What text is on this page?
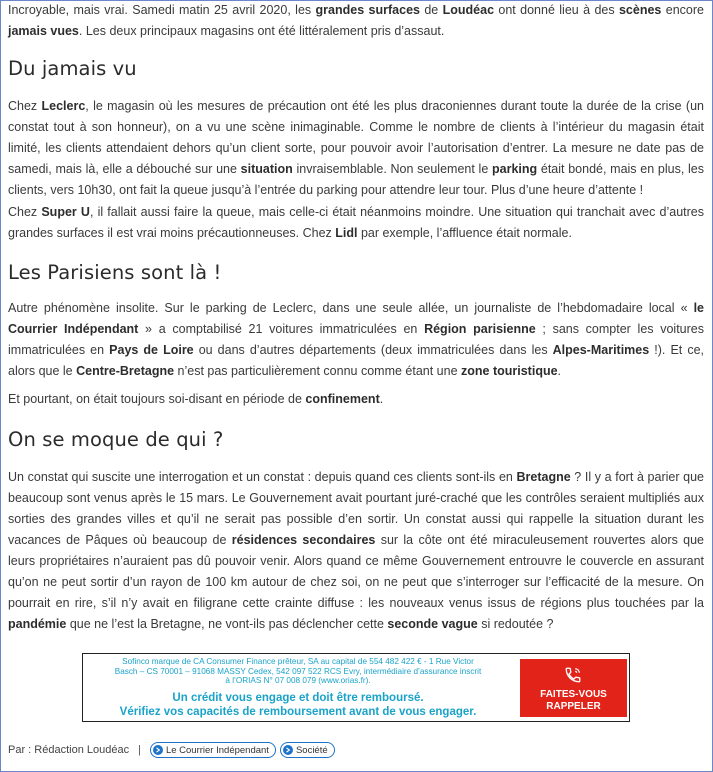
Incroyable, mais vrai. Samedi matin 25 avril 2020, les grandes surfaces de Loudéac ont donné lieu à des scènes encore jamais vues. Les deux principaux magasins ont été littéralement pris d’assaut.

Du jamais vu

Chez Leclerc, le magasin où les mesures de précaution ont été les plus draconiennes durant toute la durée de la crise (un constat tout à son honneur), on a vu une scène inimaginable. Comme le nombre de clients à l’intérieur du magasin était limité, les clients attendaient dehors qu’un client sorte, pour pouvoir avoir l’autorisation d’entrer. La mesure ne date pas de samedi, mais là, elle a débouché sur une situation invraisemblable. Non seulement le parking était bondé, mais en plus, les clients, vers 10h30, ont fait la queue jusqu’à l’entrée du parking pour attendre leur tour. Plus d’une heure d’attente !

Chez Super U, il fallait aussi faire la queue, mais celle-ci était néanmoins moindre. Une situation qui tranchait avec d’autres grandes surfaces il est vrai moins précautionneuses. Chez Lidl par exemple, l’affluence était normale.

Les Parisiens sont là !

Autre phénomène insolite. Sur le parking de Leclerc, dans une seule allée, un journaliste de l’hebdomadaire local « le Courrier Indépendant » a comptabilisé 21 voitures immatriculées en Région parisienne ; sans compter les voitures immatriculées en Pays de Loire ou dans d’autres départements (deux immatriculées dans les Alpes-Maritimes !). Et ce, alors que le Centre-Bretagne n’est pas particulièrement connu comme étant une zone touristique.

Et pourtant, on était toujours soi-disant en période de confinement.

On se moque de qui ?

Un constat qui suscite une interrogation et un constat : depuis quand ces clients sont-ils en Bretagne ? Il y a fort à parier que beaucoup sont venus après le 15 mars. Le Gouvernement avait pourtant juré-craché que les contrôles seraient multipliés aux sorties des grandes villes et qu’il ne serait pas possible d’en sortir. Un constat aussi qui rappelle la situation durant les vacances de Pâques où beaucoup de résidences secondaires sur la côte ont été miraculeusement rouvertes alors que leurs propriétaires n’auraient pas dû pouvoir venir. Alors quand ce même Gouvernement entrouvre le couvercle en assurant qu’on ne peut sortir d’un rayon de 100 km autour de chez soi, on ne peut que s’interroger sur l’efficacité de la mesure. On pourrait en rire, s’il n’y avait en filigrane cette crainte diffuse : les nouveaux venus issus de régions plus touchées par la pandémie que ne l’est la Bretagne, ne vont-ils pas déclencher cette seconde vague si redoutée ?

Sofinco marque de CA Consumer Finance prêteur, SA au capital de 554 482 422 € - 1 Rue Victor
Basch – CS 70001 – 91068 MASSY Cedex, 542 097 522 RCS Evry, intermédiaire d’assurance inscrit
à l’ORIAS N° 07 008 079 (www.orias.fr).
Un crédit vous engage et doit être remboursé.
Vérifiez vos capacités de remboursement avant de vous engager.
FAITES-VOUS
RAPPELER
Par : Rédaction Loudéac |	Le Courrier Indépendant	Société
